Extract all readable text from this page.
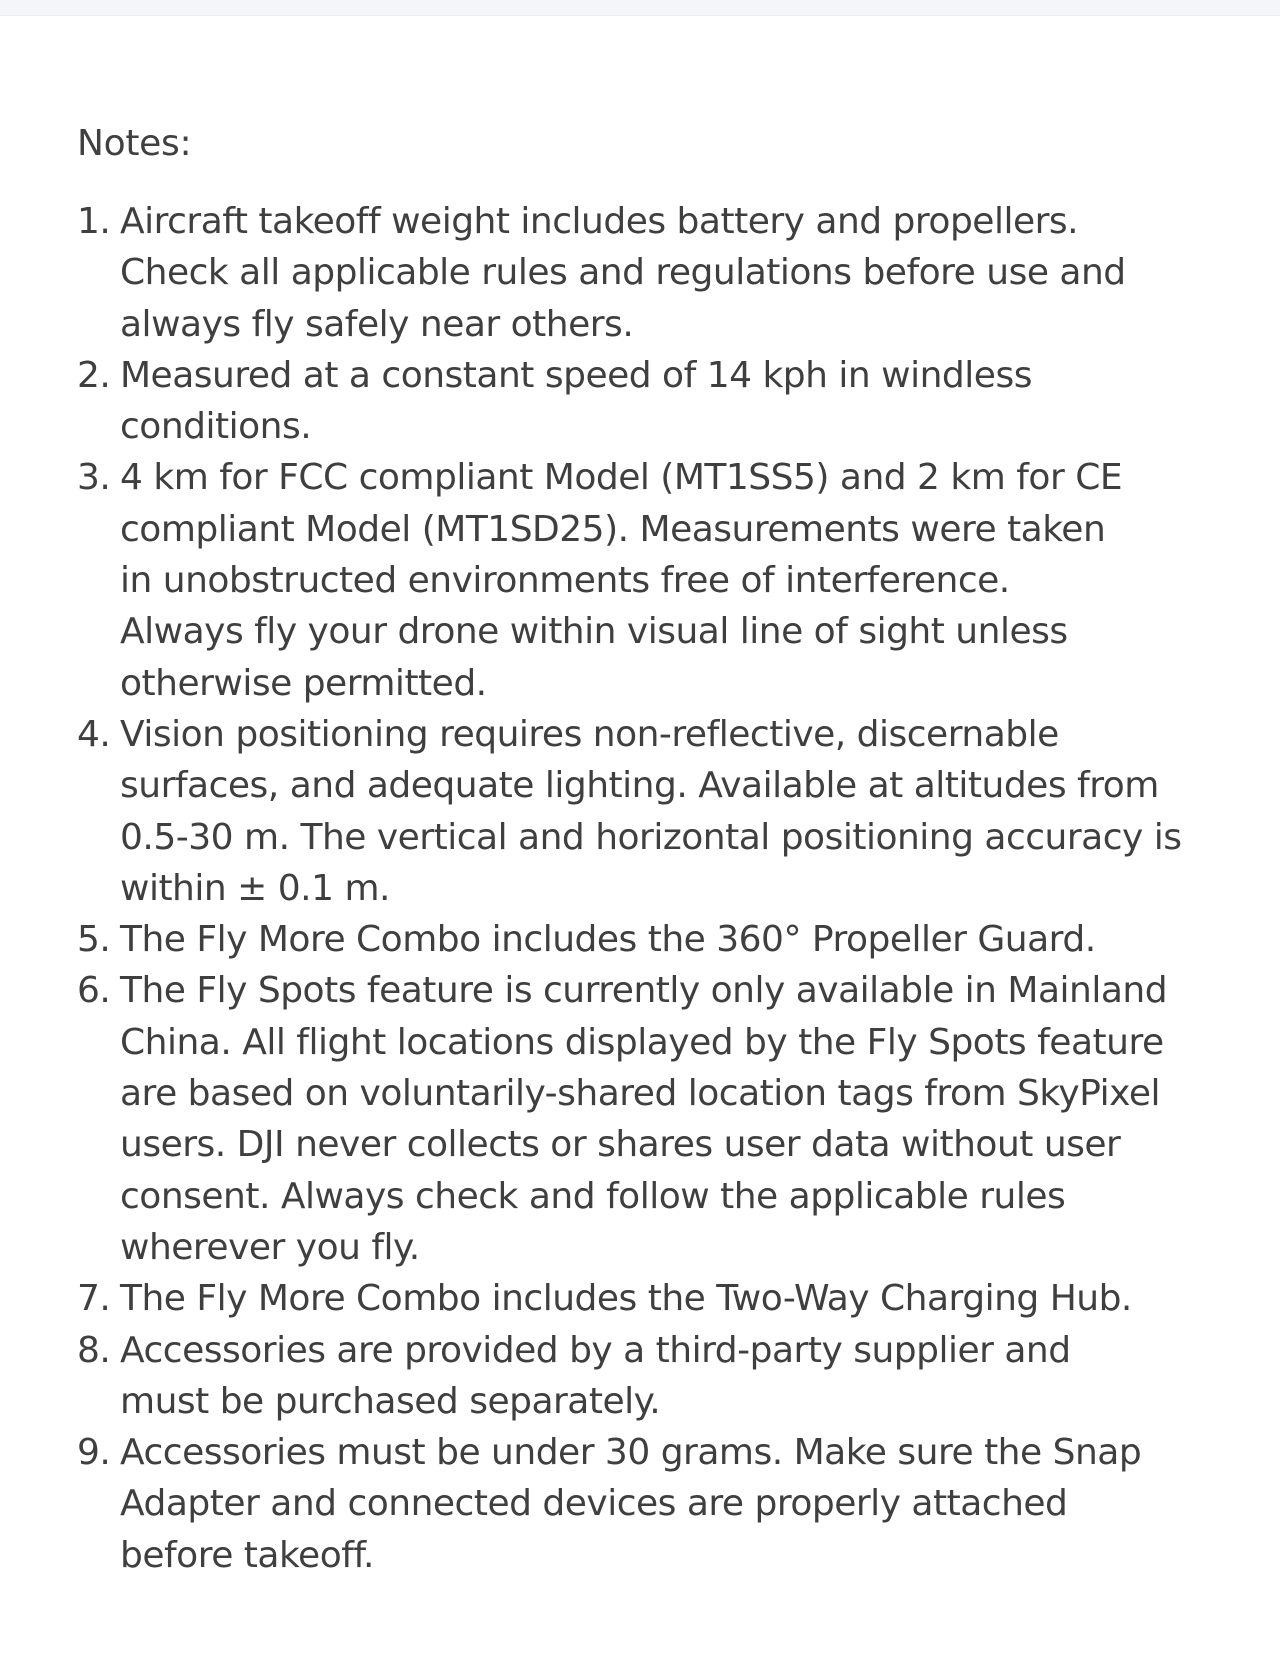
Notes:
1. Aircraft takeoff weight includes battery and propellers.
Check all applicable rules and regulations before use and
always fly safely near others.
2. Measured at a constant speed of 14 kph in windless
conditions.
3. 4 km for FCC compliant Model (MT1SS5) and 2 km for CE
compliant Model (MT1SD25). Measurements were taken
in unobstructed environments free of interference.
Always fly your drone within visual line of sight unless
otherwise permitted.
4. Vision positioning requires non-reflective, discernable
surfaces, and adequate lighting. Available at altitudes from
0.5-30 m. The vertical and horizontal positioning accuracy is
within ± 0.1 m.
5. The Fly More Combo includes the 360° Propeller Guard.
6. The Fly Spots feature is currently only available in Mainland
China. All flight locations displayed by the Fly Spots feature
are based on voluntarily-shared location tags from SkyPixel
users. DJI never collects or shares user data without user
consent. Always check and follow the applicable rules
wherever you fly.
7. The Fly More Combo includes the Two-Way Charging Hub.
8. Accessories are provided by a third-party supplier and
must be purchased separately.
9. Accessories must be under 30 grams. Make sure the Snap
Adapter and connected devices are properly attached
before takeoff.
